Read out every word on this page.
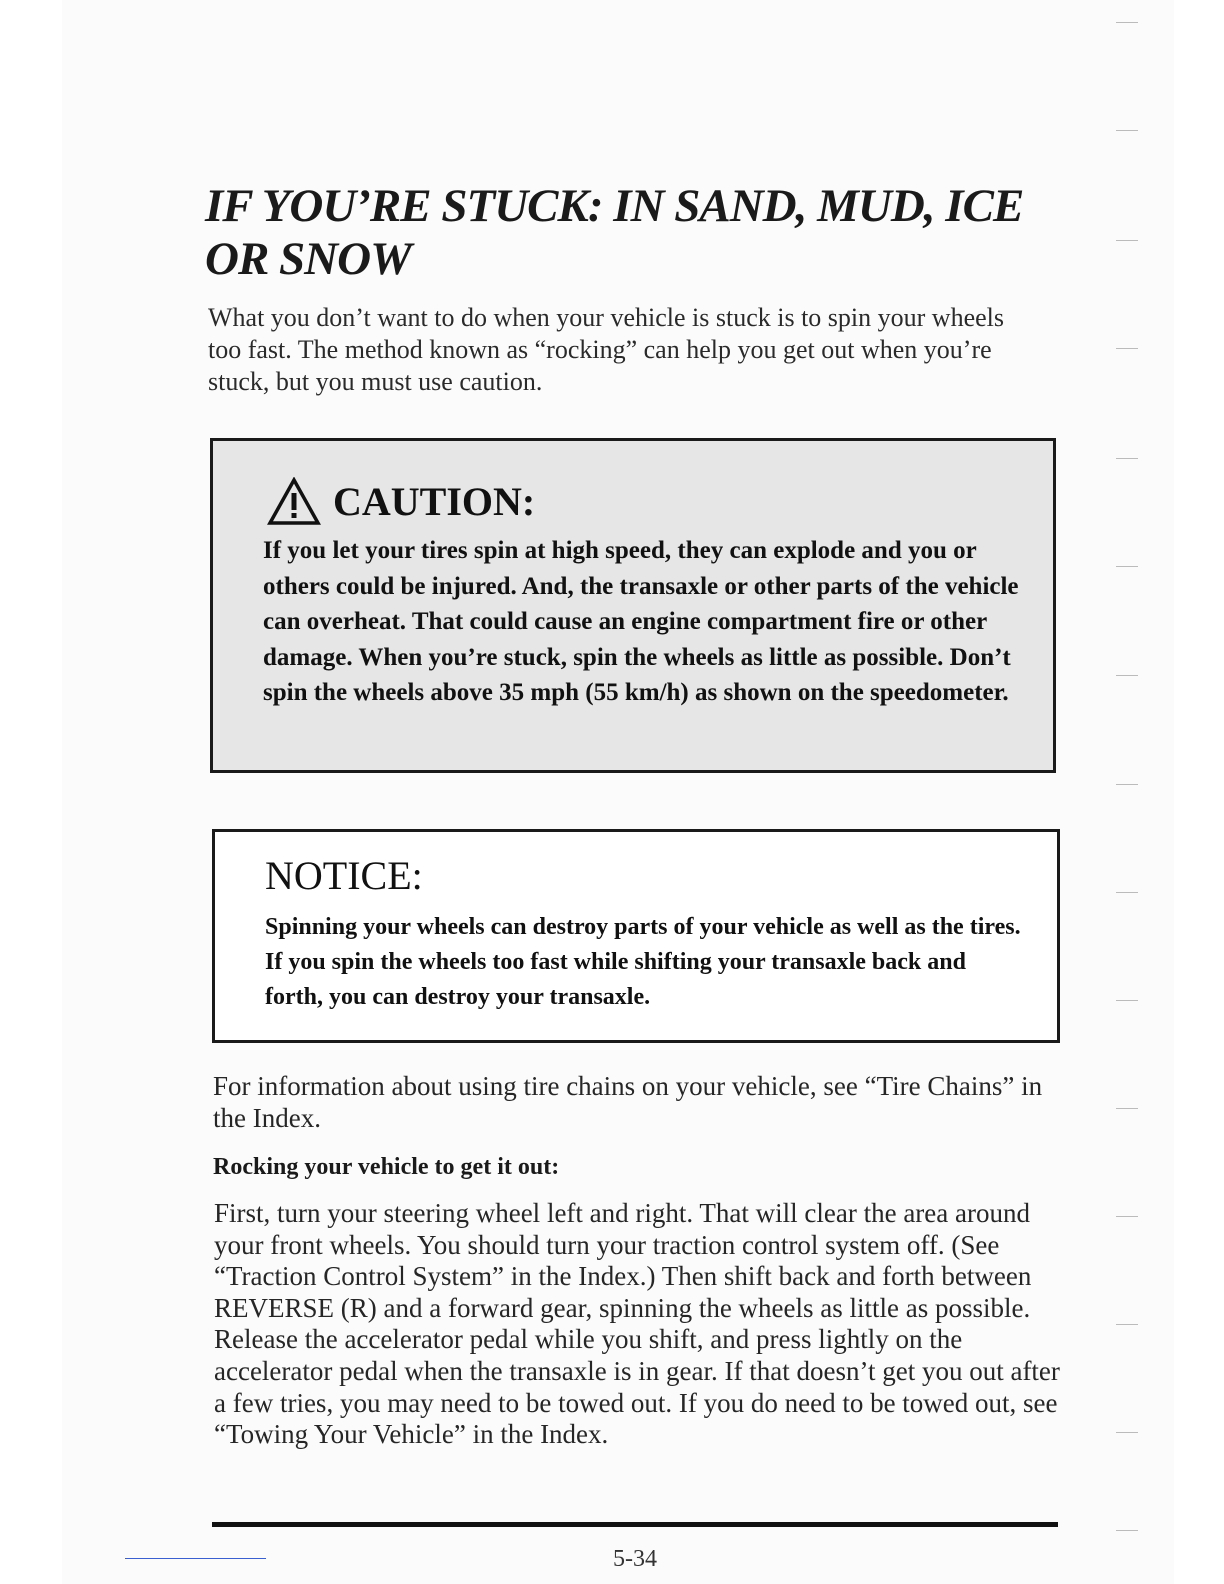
IF YOU’RE STUCK: IN SAND, MUD, ICE OR SNOW

What you don’t want to do when your vehicle is stuck is to spin your wheels too fast. The method known as “rocking” can help you get out when you’re stuck, but you must use caution.

CAUTION:

If you let your tires spin at high speed, they can explode and you or others could be injured. And, the transaxle or other parts of the vehicle can overheat. That could cause an engine compartment fire or other damage. When you’re stuck, spin the wheels as little as possible. Don’t spin the wheels above 35 mph (55 km/h) as shown on the speedometer.

NOTICE:

Spinning your wheels can destroy parts of your vehicle as well as the tires. If you spin the wheels too fast while shifting your transaxle back and forth, you can destroy your transaxle.

For information about using tire chains on your vehicle, see “Tire Chains” in the Index.

Rocking your vehicle to get it out:

First, turn your steering wheel left and right. That will clear the area around your front wheels. You should turn your traction control system off. (See “Traction Control System” in the Index.) Then shift back and forth between REVERSE (R) and a forward gear, spinning the wheels as little as possible. Release the accelerator pedal while you shift, and press lightly on the accelerator pedal when the transaxle is in gear. If that doesn’t get you out after a few tries, you may need to be towed out. If you do need to be towed out, see “Towing Your Vehicle” in the Index.

5-34
